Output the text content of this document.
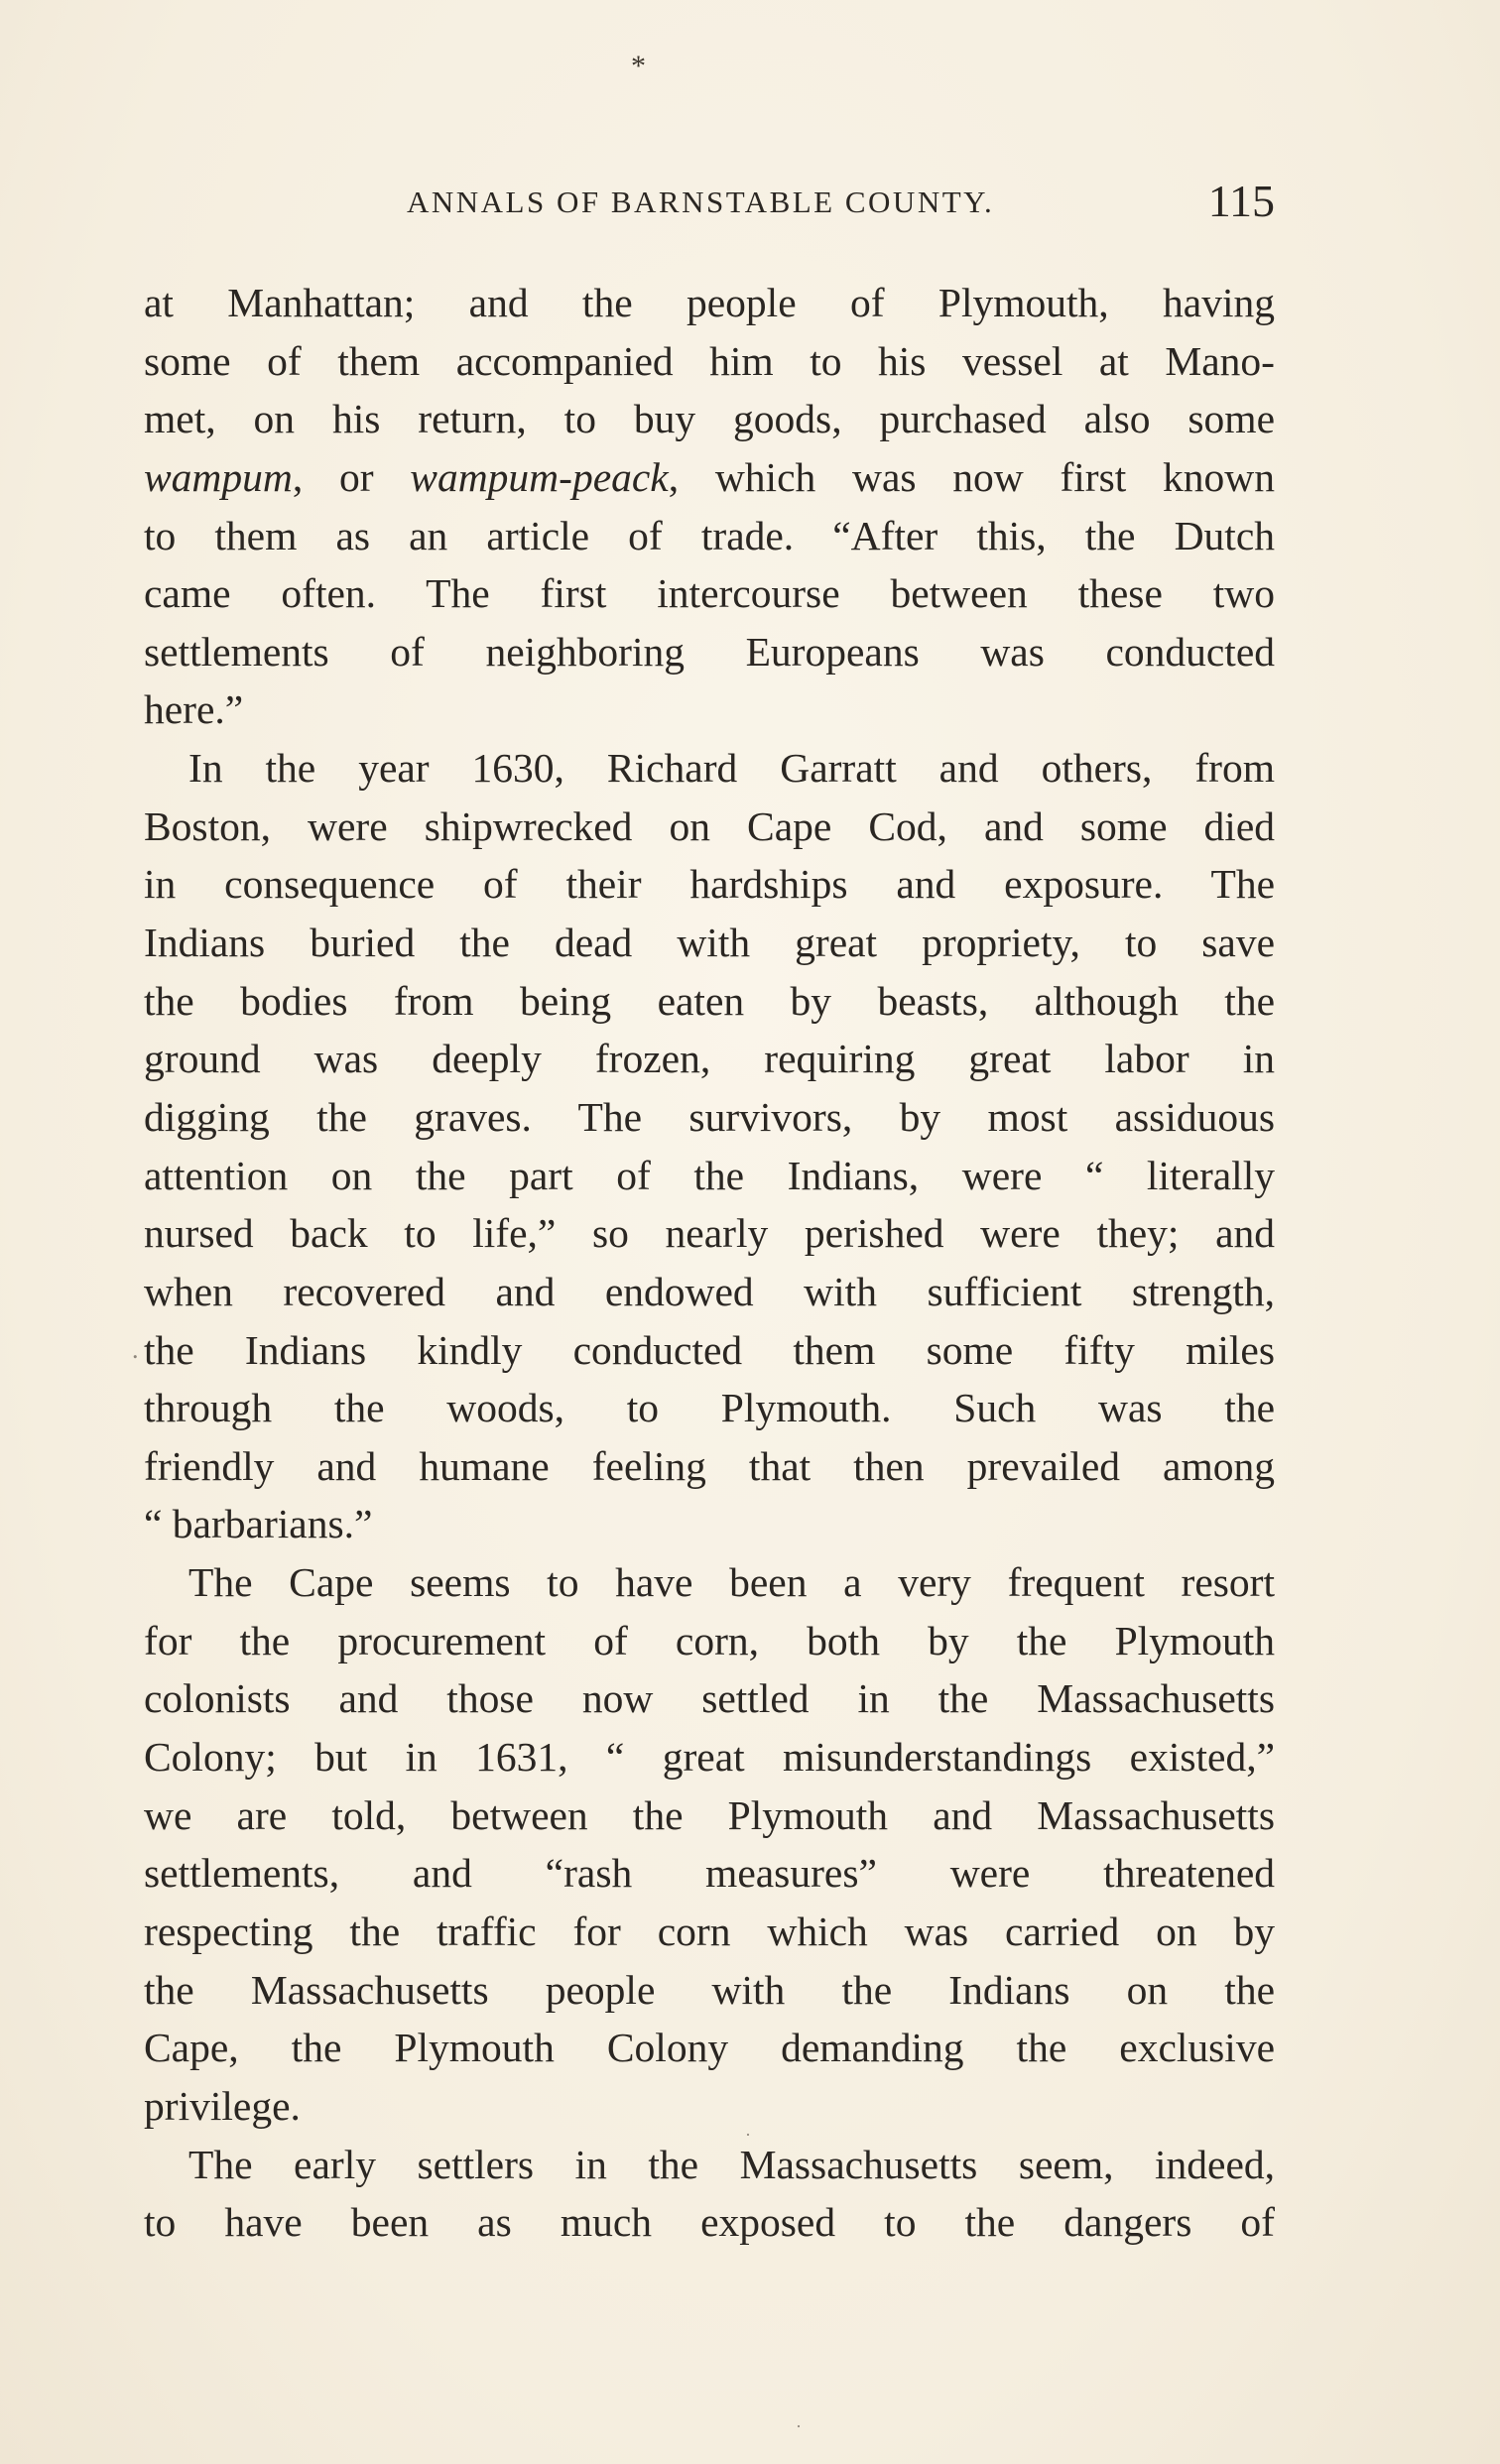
*
ANNALS OF BARNSTABLE COUNTY.	115
at Manhattan; and the people of Plymouth, having
some of them accompanied him to his vessel at Mano-
met, on his return, to buy goods, purchased also some
wampum, or wampum-peack, which was now first known
to them as an article of trade. “After this, the Dutch
came often. The first intercourse between these two
settlements of neighboring Europeans was conducted
here.”
In the year 1630, Richard Garratt and others, from
Boston, were shipwrecked on Cape Cod, and some died
in consequence of their hardships and exposure. The
Indians buried the dead with great propriety, to save
the bodies from being eaten by beasts, although the
ground was deeply frozen, requiring great labor in
digging the graves. The survivors, by most assiduous
attention on the part of the Indians, were “ literally
nursed back to life,” so nearly perished were they; and
when recovered and endowed with sufficient strength,
the Indians kindly conducted them some fifty miles
through the woods, to Plymouth. Such was the
friendly and humane feeling that then prevailed among
“ barbarians.”
The Cape seems to have been a very frequent resort
for the procurement of corn, both by the Plymouth
colonists and those now settled in the Massachusetts
Colony; but in 1631, “ great misunderstandings existed,”
we are told, between the Plymouth and Massachusetts
settlements, and “rash measures” were threatened
respecting the traffic for corn which was carried on by
the Massachusetts people with the Indians on the
Cape, the Plymouth Colony demanding the exclusive
privilege.
The early settlers in the Massachusetts seem, indeed,
to have been as much exposed to the dangers of
.
·
·
